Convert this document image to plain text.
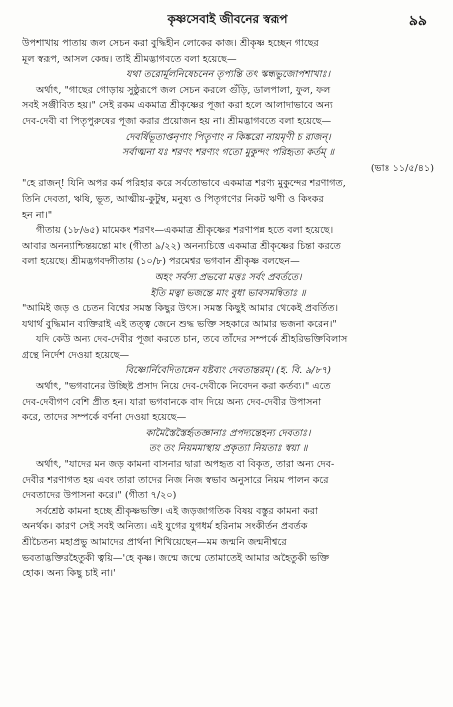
কৃষ্ণসেবাই জীবনের স্বরূপ	৯৯
উপশাখায় পাতায় জল সেচন করা বুদ্ধিহীন লোকের কাজ। শ্রীকৃষ্ণ হচ্ছেন গাছের
মূল স্বরূপ, আসল কেন্দ্র। তাই শ্রীমদ্ভাগবতে বলা হয়েছে—
যথা তরোর্মূলনিষেচনেন তৃপ্যন্তি তৎ স্কন্ধভুজোপশাখাঃ।
অর্থাৎ, "গাছের গোড়ায় সুষ্ঠুরূপে জল সেচন করলে গুঁড়ি, ডালপালা, ফুল, ফল
সবই সঞ্জীবিত হয়।" সেই রকম একমাত্র শ্রীকৃষ্ণের পূজা করা হলে আলাদাভাবে অন্য
দেব-দেবী বা পিতৃপুরুষের পূজা করার প্রয়োজন হয় না। শ্রীমদ্ভাগবতে বলা হয়েছে—
দেবর্ষিভূতাপ্তনৃণাং পিতৄণাং ন কিঙ্করো নায়মৃণী চ রাজন্।
সর্বাত্মনা যঃ শরণং শরণ্যং গতো মুকুন্দং পরিহৃত্য কর্তম্ ॥
(ভাঃ ১১/৫/৪১)
"হে রাজন্! যিনি অপর কর্ম পরিহার করে সর্বতোভাবে একমাত্র শরণ্য মুকুন্দের শরণাগত,
তিনি দেবতা, ঋষি, ভূত, আত্মীয়-কুটুম্ব, মনুষ্য ও পিতৃগণের নিকট ঋণী ও কিংকর
হন না।"
গীতায় (১৮/৬৫) মামেকং শরণং—একমাত্র শ্রীকৃষ্ণের শরণাপন্ন হতে বলা হয়েছে।
আবার অনন্যাশ্চিন্তয়ন্তো মাং (গীতা ৯/২২) অনন্যচিত্তে একমাত্র শ্রীকৃষ্ণের চিন্তা করতে
বলা হয়েছে। শ্রীমদ্ভগবদ্গীতায় (১০/৮) পরমেশ্বর ভগবান শ্রীকৃষ্ণ বলছেন—
অহং সর্বস্য প্রভবো মত্তঃ সর্বং প্রবর্ততে।
ইতি মত্বা ভজন্তে মাং বুধা ভাবসমন্বিতাঃ ॥
"আমিই জড় ও চেতন বিশ্বের সমস্ত কিছুর উৎস। সমস্ত কিছুই আমার থেকেই প্রবর্তিত।
যথার্থ বুদ্ধিমান ব্যক্তিরাই এই তত্ত্ব জেনে শুদ্ধ ভক্তি সহকারে আমার ভজনা করেন।"
যদি কেউ অন্য দেব-দেবীর পূজা করতে চান, তবে তাঁদের সম্পর্কে শ্রীহরিভক্তিবিলাস
গ্রন্থে নির্দেশ দেওয়া হয়েছে—
বিষ্ণোর্নিবেদিতান্নেন যষ্টব্যং দেবতান্তরম্। (হ. বি. ৯/৮৭)
অর্থাৎ, "ভগবানের উচ্ছিষ্ট প্রসাদ নিয়ে দেব-দেবীকে নিবেদন করা কর্তব্য।" এতে
দেব-দেবীগণ বেশি প্রীত হন। যারা ভগবানকে বাদ দিয়ে অন্য দেব-দেবীর উপাসনা
করে, তাদের সম্পর্কে বর্ণনা দেওয়া হয়েছে—
কামৈস্তৈস্তৈর্হৃতজ্ঞানাঃ প্রপদ্যন্তেহন্য দেবতাঃ।
তং তং নিয়মমাস্থায় প্রকৃত্যা নিয়তাঃ স্বয়া ॥
অর্থাৎ, "যাদের মন জড় কামনা বাসনার দ্বারা অপহৃত বা বিকৃত, তারা অন্য দেব-
দেবীর শরণাগত হয় এবং তারা তাদের নিজ নিজ স্বভাব অনুসারে নিয়ম পালন করে
দেবতাদের উপাসনা করে।" (গীতা ৭/২০)
সর্বশ্রেষ্ঠ কামনা হচ্ছে শ্রীকৃষ্ণভক্তি। এই জড়জাগতিক বিষয় বস্তুর কামনা করা
অনর্থক। কারণ সেই সবই অনিত্য। এই যুগের যুগধর্ম হরিনাম সংকীর্তন প্রবর্তক
শ্রীচৈতন্য মহাপ্রভু আমাদের প্রার্থনা শিখিয়েছেন—মম জন্মনি জন্মনীশ্বরে
ভবতাদ্ভক্তিরহৈতুকী ত্বয়ি—'হে কৃষ্ণ। জন্মে জন্মে তোমাতেই আমার অহৈতুকী ভক্তি
হোক। অন্য কিছু চাই না।'
